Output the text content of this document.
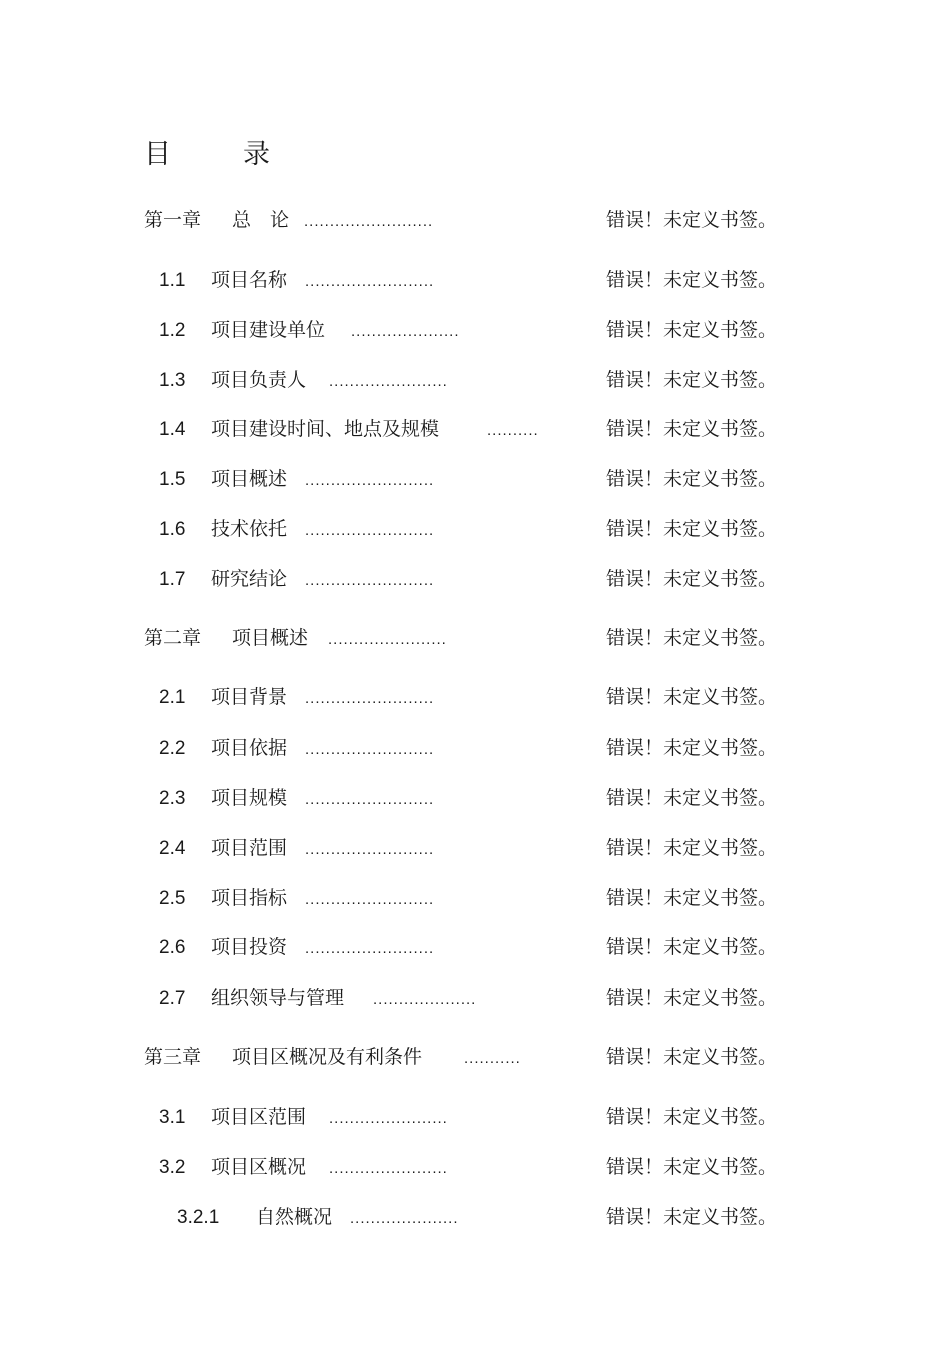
目	录
第一章 总　论 .........................	错误！未定义书签。
1.1 项目名称 .........................	错误！未定义书签。
1.2 项目建设单位 .....................	错误！未定义书签。
1.3 项目负责人 .......................	错误！未定义书签。
1.4 项目建设时间、地点及规模	..........	错误！未定义书签。
1.5 项目概述 .........................	错误！未定义书签。
1.6 技术依托 .........................	错误！未定义书签。
1.7 研究结论 .........................	错误！未定义书签。
第二章 项目概述 .......................	错误！未定义书签。
2.1 项目背景 .........................	错误！未定义书签。
2.2 项目依据 .........................	错误！未定义书签。
2.3 项目规模 .........................	错误！未定义书签。
2.4 项目范围 .........................	错误！未定义书签。
2.5 项目指标 .........................	错误！未定义书签。
2.6 项目投资 .........................	错误！未定义书签。
2.7 组织领导与管理 ....................	错误！未定义书签。
第三章 项目区概况及有利条件	...........	错误！未定义书签。
3.1 项目区范围 .......................	错误！未定义书签。
3.2 项目区概况 .......................	错误！未定义书签。
3.2.1 自然概况 .....................	错误！未定义书签。
